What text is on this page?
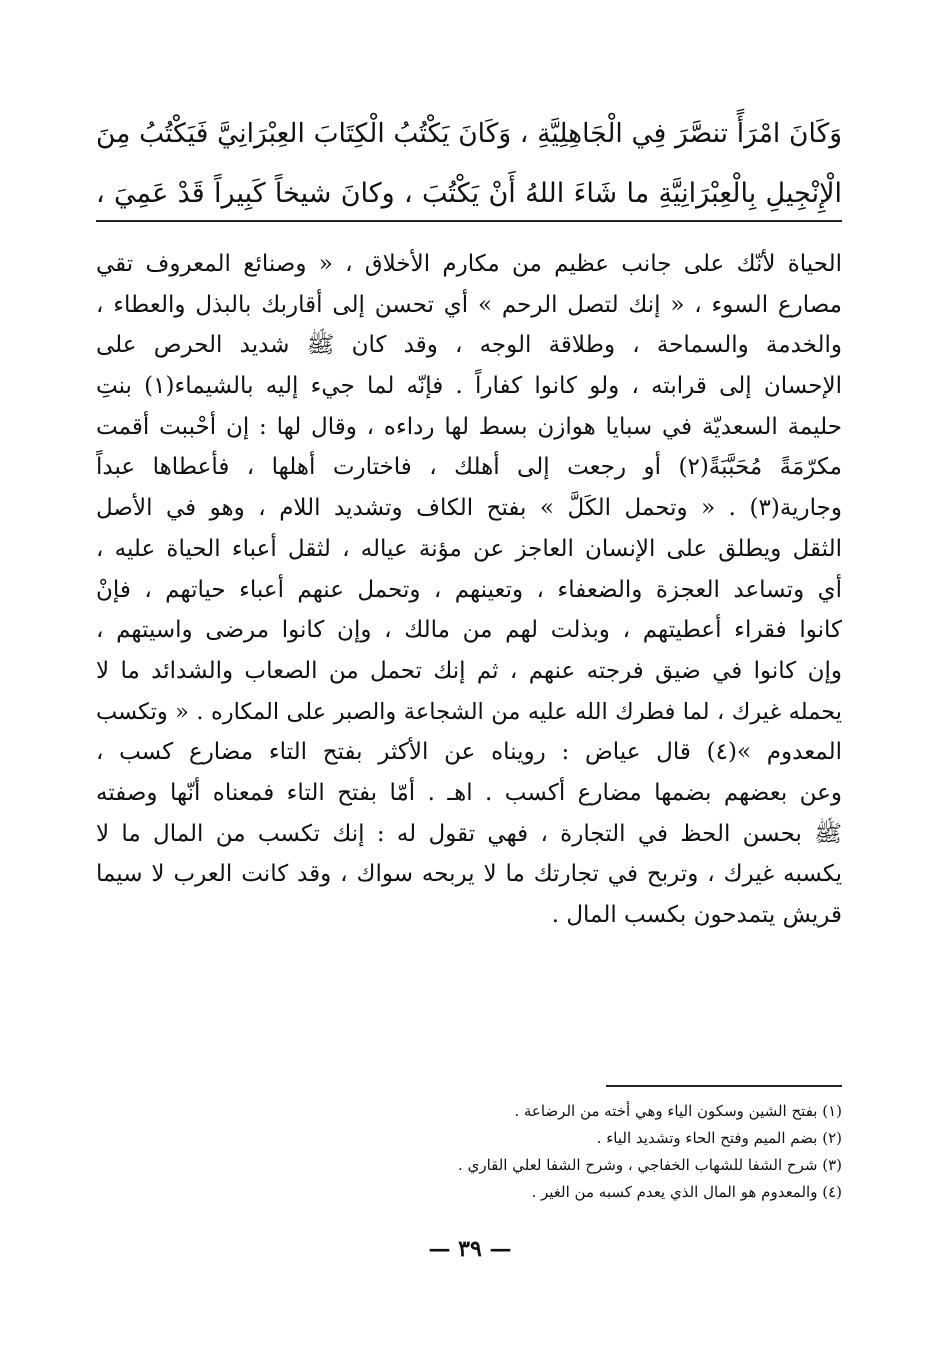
وَكَانَ امْرَأً تنصَّرَ فِي الْجَاهِلِيَّةِ ، وَكَانَ يَكْتُبُ الْكِتَابَ العِبْرَانِيَّ فَيَكْتُبُ مِنَ
الْإِنْجِيلِ بِالْعِبْرَانِيَّةِ ما شَاءَ اللهُ أَنْ يَكْتُبَ ، وكانَ شيخاً كَبِيراً قَدْ عَمِيَ ،
الحياة لأنّك على جانب عظيم من مكارم الأخلاق ، « وصنائع المعروف تقي
مصارع السوء ، « إنك لتصل الرحم » أي تحسن إلى أقاربك بالبذل والعطاء ،
والخدمة والسماحة ، وطلاقة الوجه ، وقد كان ﷺ شديد الحرص على
الإحسان إلى قرابته ، ولو كانوا كفاراً . فإنّه لما جيء إليه بالشيماء(١) بنتِ
حليمة السعديّة في سبايا هوازن بسط لها رداءه ، وقال لها : إن أحْببت أقمت
مكرّمَةً مُحَبَّبَةً(٢) أو رجعت إلى أهلك ، فاختارت أهلها ، فأعطاها عبداً
وجارية(٣) . « وتحمل الكَلَّ » بفتح الكاف وتشديد اللام ، وهو في الأصل
الثقل ويطلق على الإنسان العاجز عن مؤنة عياله ، لثقل أعباء الحياة عليه ،
أي وتساعد العجزة والضعفاء ، وتعينهم ، وتحمل عنهم أعباء حياتهم ، فإنْ
كانوا فقراء أعطيتهم ، وبذلت لهم من مالك ، وإن كانوا مرضى واسيتهم ،
وإن كانوا في ضيق فرجته عنهم ، ثم إنك تحمل من الصعاب والشدائد ما لا
يحمله غيرك ، لما فطرك الله عليه من الشجاعة والصبر على المكاره . « وتكسب
المعدوم »(٤) قال عياض : رويناه عن الأكثر بفتح التاء مضارع كسب ،
وعن بعضهم بضمها مضارع أكسب . اهـ . أمّا بفتح التاء فمعناه أنّها وصفته
ﷺ بحسن الحظ في التجارة ، فهي تقول له : إنك تكسب من المال ما لا
يكسبه غيرك ، وتربح في تجارتك ما لا يربحه سواك ، وقد كانت العرب لا سيما
قريش يتمدحون بكسب المال .
(١) بفتح الشين وسكون الياء وهي أخته من الرضاعة .
(٢) بضم الميم وفتح الحاء وتشديد الياء .
(٣) شرح الشفا للشهاب الخفاجي ، وشرح الشفا لعلي القاري .
(٤) والمعدوم هو المال الذي يعدم كسبه من الغير .
— ٣٩ —
